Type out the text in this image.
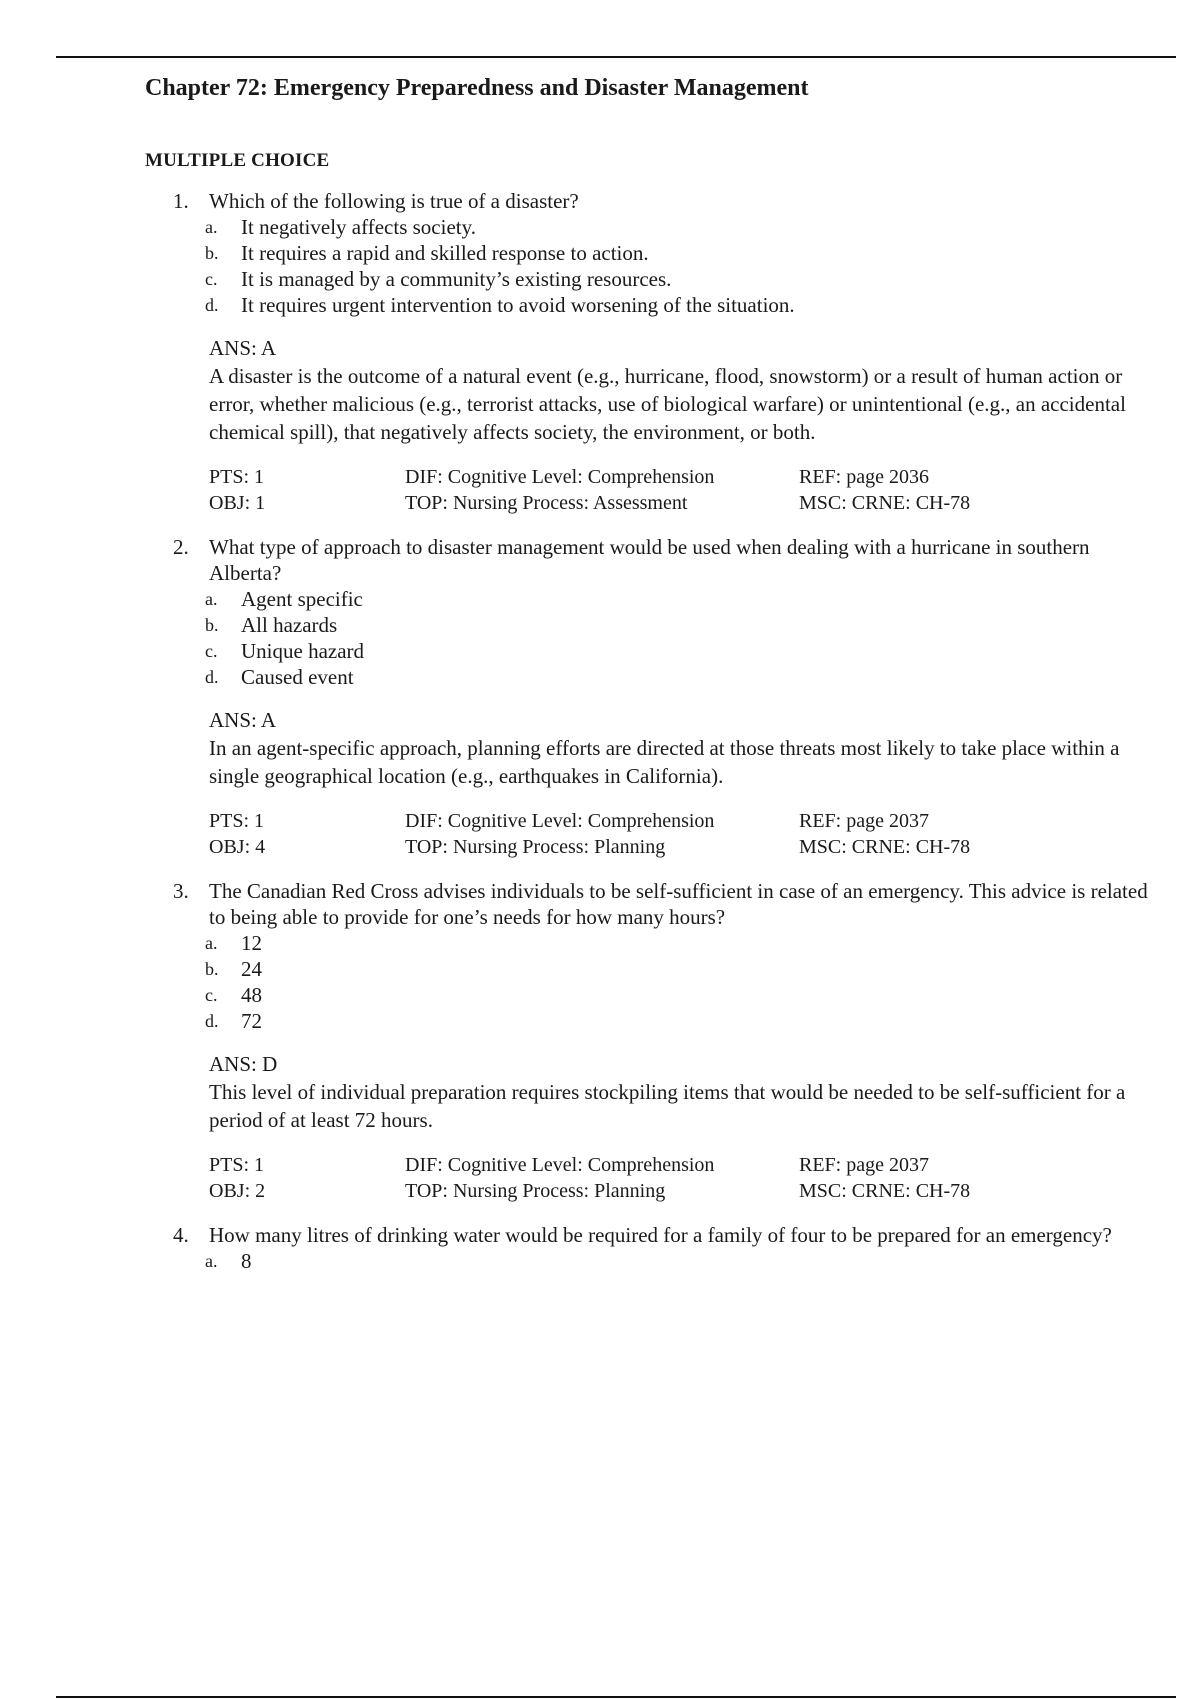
Chapter 72: Emergency Preparedness and Disaster Management
MULTIPLE CHOICE
1. Which of the following is true of a disaster?
a. It negatively affects society.
b. It requires a rapid and skilled response to action.
c. It is managed by a community’s existing resources.
d. It requires urgent intervention to avoid worsening of the situation.
ANS: A

A disaster is the outcome of a natural event (e.g., hurricane, flood, snowstorm) or a result of human action or error, whether malicious (e.g., terrorist attacks, use of biological warfare) or unintentional (e.g., an accidental chemical spill), that negatively affects society, the environment, or both.

PTS: 1
OBJ: 1
DIF: Cognitive Level: Comprehension
TOP: Nursing Process: Assessment
REF: page 2036
MSC: CRNE: CH-78
2. What type of approach to disaster management would be used when dealing with a hurricane in southern Alberta?
a. Agent specific
b. All hazards
c. Unique hazard
d. Caused event
ANS: A

In an agent-specific approach, planning efforts are directed at those threats most likely to take place within a single geographical location (e.g., earthquakes in California).

PTS: 1
OBJ: 4
DIF: Cognitive Level: Comprehension
TOP: Nursing Process: Planning
REF: page 2037
MSC: CRNE: CH-78
3. The Canadian Red Cross advises individuals to be self-sufficient in case of an emergency. This advice is related to being able to provide for one’s needs for how many hours?
a. 12
b. 24
c. 48
d. 72
ANS: D

This level of individual preparation requires stockpiling items that would be needed to be self-sufficient for a period of at least 72 hours.

PTS: 1
OBJ: 2
DIF: Cognitive Level: Comprehension
TOP: Nursing Process: Planning
REF: page 2037
MSC: CRNE: CH-78
4. How many litres of drinking water would be required for a family of four to be prepared for an emergency?
a. 8
